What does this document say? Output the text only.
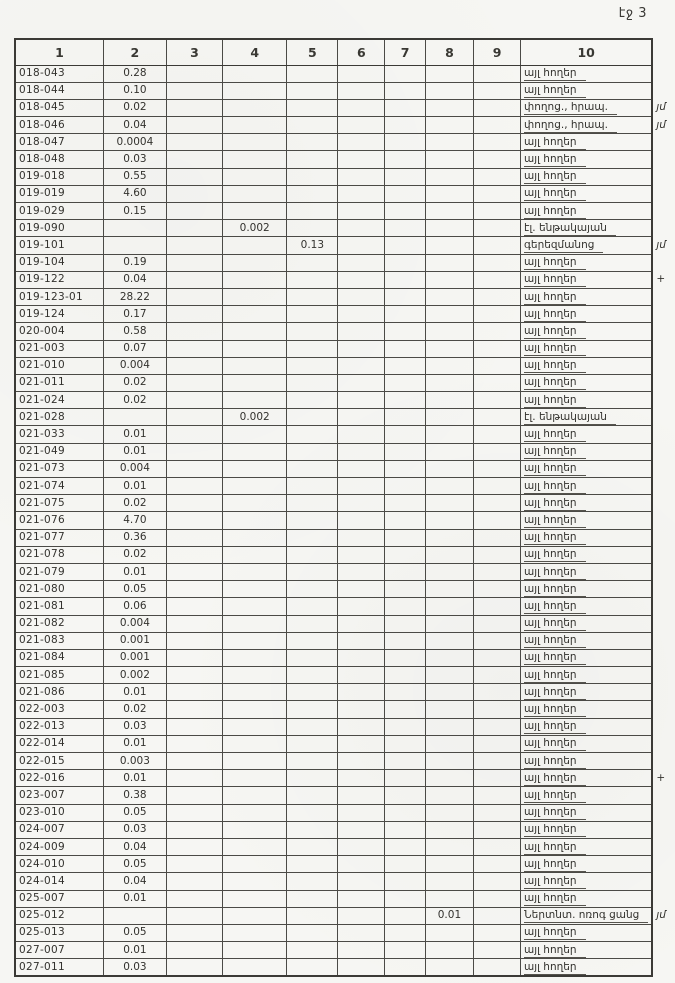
էջ 3
1	2	3	4	5	6	7	8	9	10	
018-043	0.28								այլ հողեր	
018-044	0.10								այլ հողեր	
018-045	0.02								փողոց., հրապ.	յմ
018-046	0.04								փողոց., հրապ.	յմ
018-047	0.0004								այլ հողեր	
018-048	0.03								այլ հողեր	
019-018	0.55								այլ հողեր	
019-019	4.60								այլ հողեր	
019-029	0.15								այլ հողեր	
019-090			0.002						էլ. ենթակայան	
019-101				0.13					գերեզմանոց	յմ
019-104	0.19								այլ հողեր	
019-122	0.04								այլ հողեր	+
019-123-01	28.22								այլ հողեր	
019-124	0.17								այլ հողեր	
020-004	0.58								այլ հողեր	
021-003	0.07								այլ հողեր	
021-010	0.004								այլ հողեր	
021-011	0.02								այլ հողեր	
021-024	0.02								այլ հողեր	
021-028			0.002						էլ. ենթակայան	
021-033	0.01								այլ հողեր	
021-049	0.01								այլ հողեր	
021-073	0.004								այլ հողեր	
021-074	0.01								այլ հողեր	
021-075	0.02								այլ հողեր	
021-076	4.70								այլ հողեր	
021-077	0.36								այլ հողեր	
021-078	0.02								այլ հողեր	
021-079	0.01								այլ հողեր	
021-080	0.05								այլ հողեր	
021-081	0.06								այլ հողեր	
021-082	0.004								այլ հողեր	
021-083	0.001								այլ հողեր	
021-084	0.001								այլ հողեր	
021-085	0.002								այլ հողեր	
021-086	0.01								այլ հողեր	
022-003	0.02								այլ հողեր	
022-013	0.03								այլ հողեր	
022-014	0.01								այլ հողեր	
022-015	0.003								այլ հողեր	
022-016	0.01								այլ հողեր	+
023-007	0.38								այլ հողեր	
023-010	0.05								այլ հողեր	
024-007	0.03								այլ հողեր	
024-009	0.04								այլ հողեր	
024-010	0.05								այլ հողեր	
024-014	0.04								այլ հողեր	
025-007	0.01								այլ հողեր	
025-012							0.01		Ներտնտ. ոռոգ ցանց	յմ
025-013	0.05								այլ հողեր	
027-007	0.01								այլ հողեր	
027-011	0.03								այլ հողեր	
